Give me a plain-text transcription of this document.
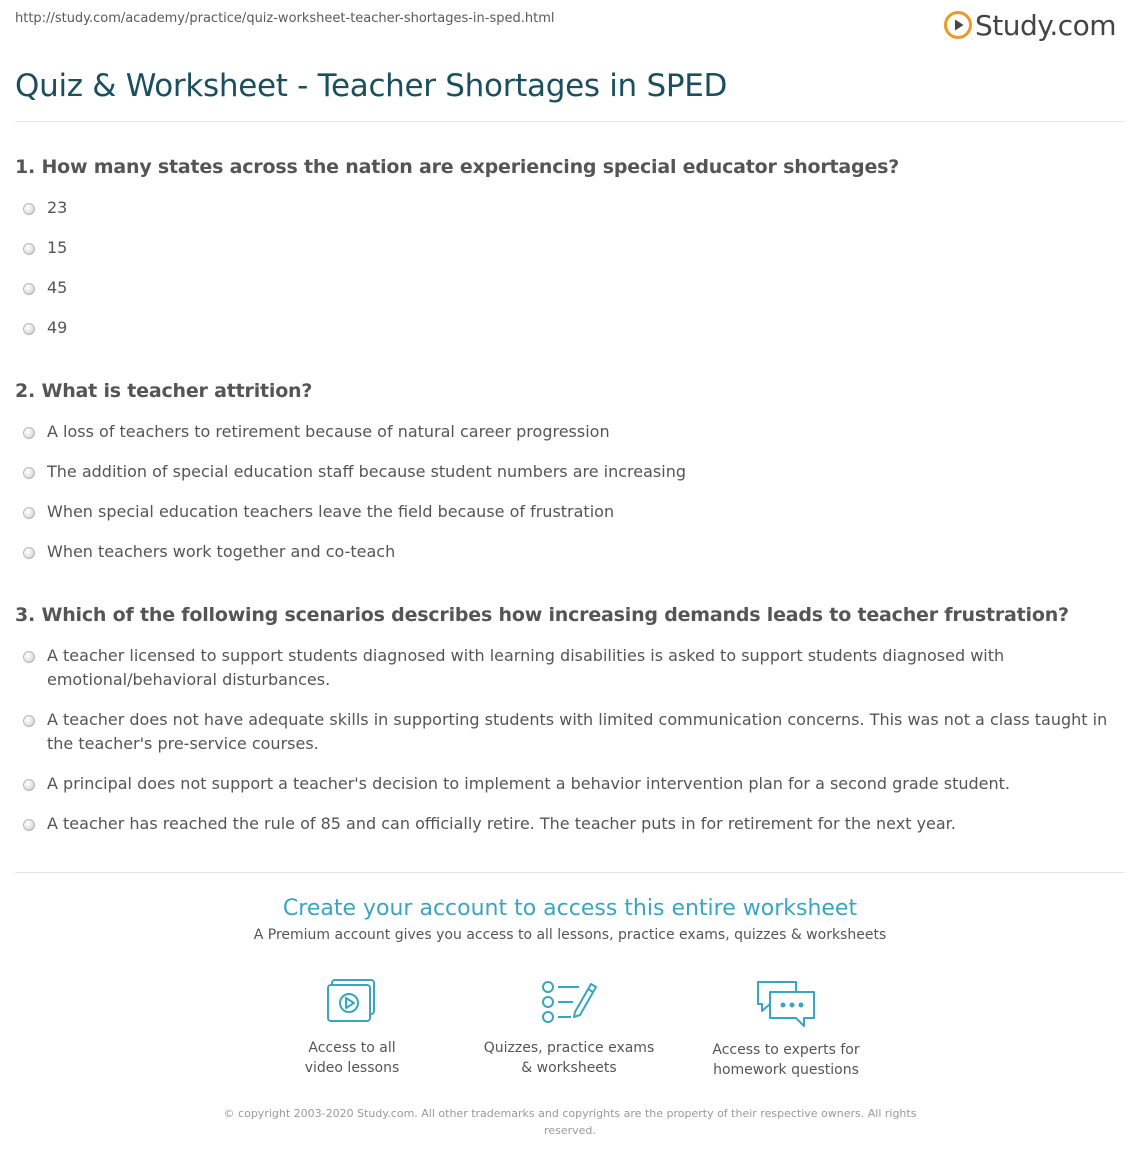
http://study.com/academy/practice/quiz-worksheet-teacher-shortages-in-sped.html	Study.com
Quiz & Worksheet - Teacher Shortages in SPED

1. How many states across the nation are experiencing special educator shortages?

23
15
45
49

2. What is teacher attrition?

A loss of teachers to retirement because of natural career progression
The addition of special education staff because student numbers are increasing
When special education teachers leave the field because of frustration
When teachers work together and co-teach

3. Which of the following scenarios describes how increasing demands leads to teacher frustration?

A teacher licensed to support students diagnosed with learning disabilities is asked to support students diagnosed with emotional/behavioral disturbances.
A teacher does not have adequate skills in supporting students with limited communication concerns. This was not a class taught in the teacher's pre-service courses.
A principal does not support a teacher's decision to implement a behavior intervention plan for a second grade student.
A teacher has reached the rule of 85 and can officially retire. The teacher puts in for retirement for the next year.
Create your account to access this entire worksheet

A Premium account gives you access to all lessons, practice exams, quizzes & worksheets

Access to all
video lessons
Quizzes, practice exams
& worksheets
Access to experts for
homework questions
© copyright 2003-2020 Study.com. All other trademarks and copyrights are the property of their respective owners. All rights reserved.
